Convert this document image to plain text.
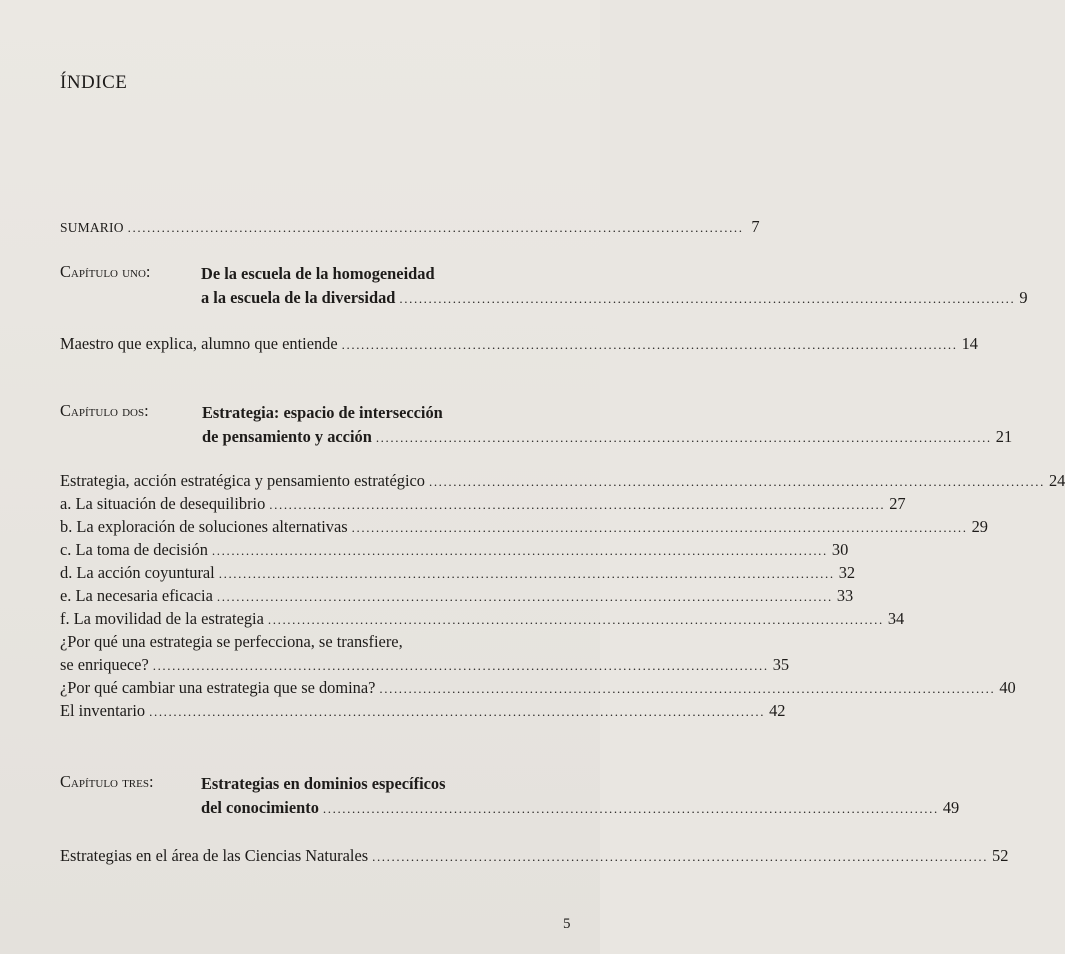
ÍNDICE
SUMARIO ............................................................................................................................... 7
Capítulo uno:	De la escuela de la homogeneidad
a la escuela de la diversidad ............................................................................................................................... 9
Maestro que explica, alumno que entiende ............................................................................................................................... 14
Capítulo dos:	Estrategia: espacio de intersección
de pensamiento y acción ............................................................................................................................... 21
Estrategia, acción estratégica y pensamiento estratégico ............................................................................................................................... 24
a. La situación de desequilibrio ............................................................................................................................... 27
b. La exploración de soluciones alternativas ............................................................................................................................... 29
c. La toma de decisión ............................................................................................................................... 30
d. La acción coyuntural ............................................................................................................................... 32
e. La necesaria eficacia ............................................................................................................................... 33
f. La movilidad de la estrategia ............................................................................................................................... 34
¿Por qué una estrategia se perfecciona, se transfiere,
se enriquece? ............................................................................................................................... 35
¿Por qué cambiar una estrategia que se domina? ............................................................................................................................... 40
El inventario ............................................................................................................................... 42
Capítulo tres:	Estrategias en dominios específicos
del conocimiento ............................................................................................................................... 49
Estrategias en el área de las Ciencias Naturales ............................................................................................................................... 52
5
